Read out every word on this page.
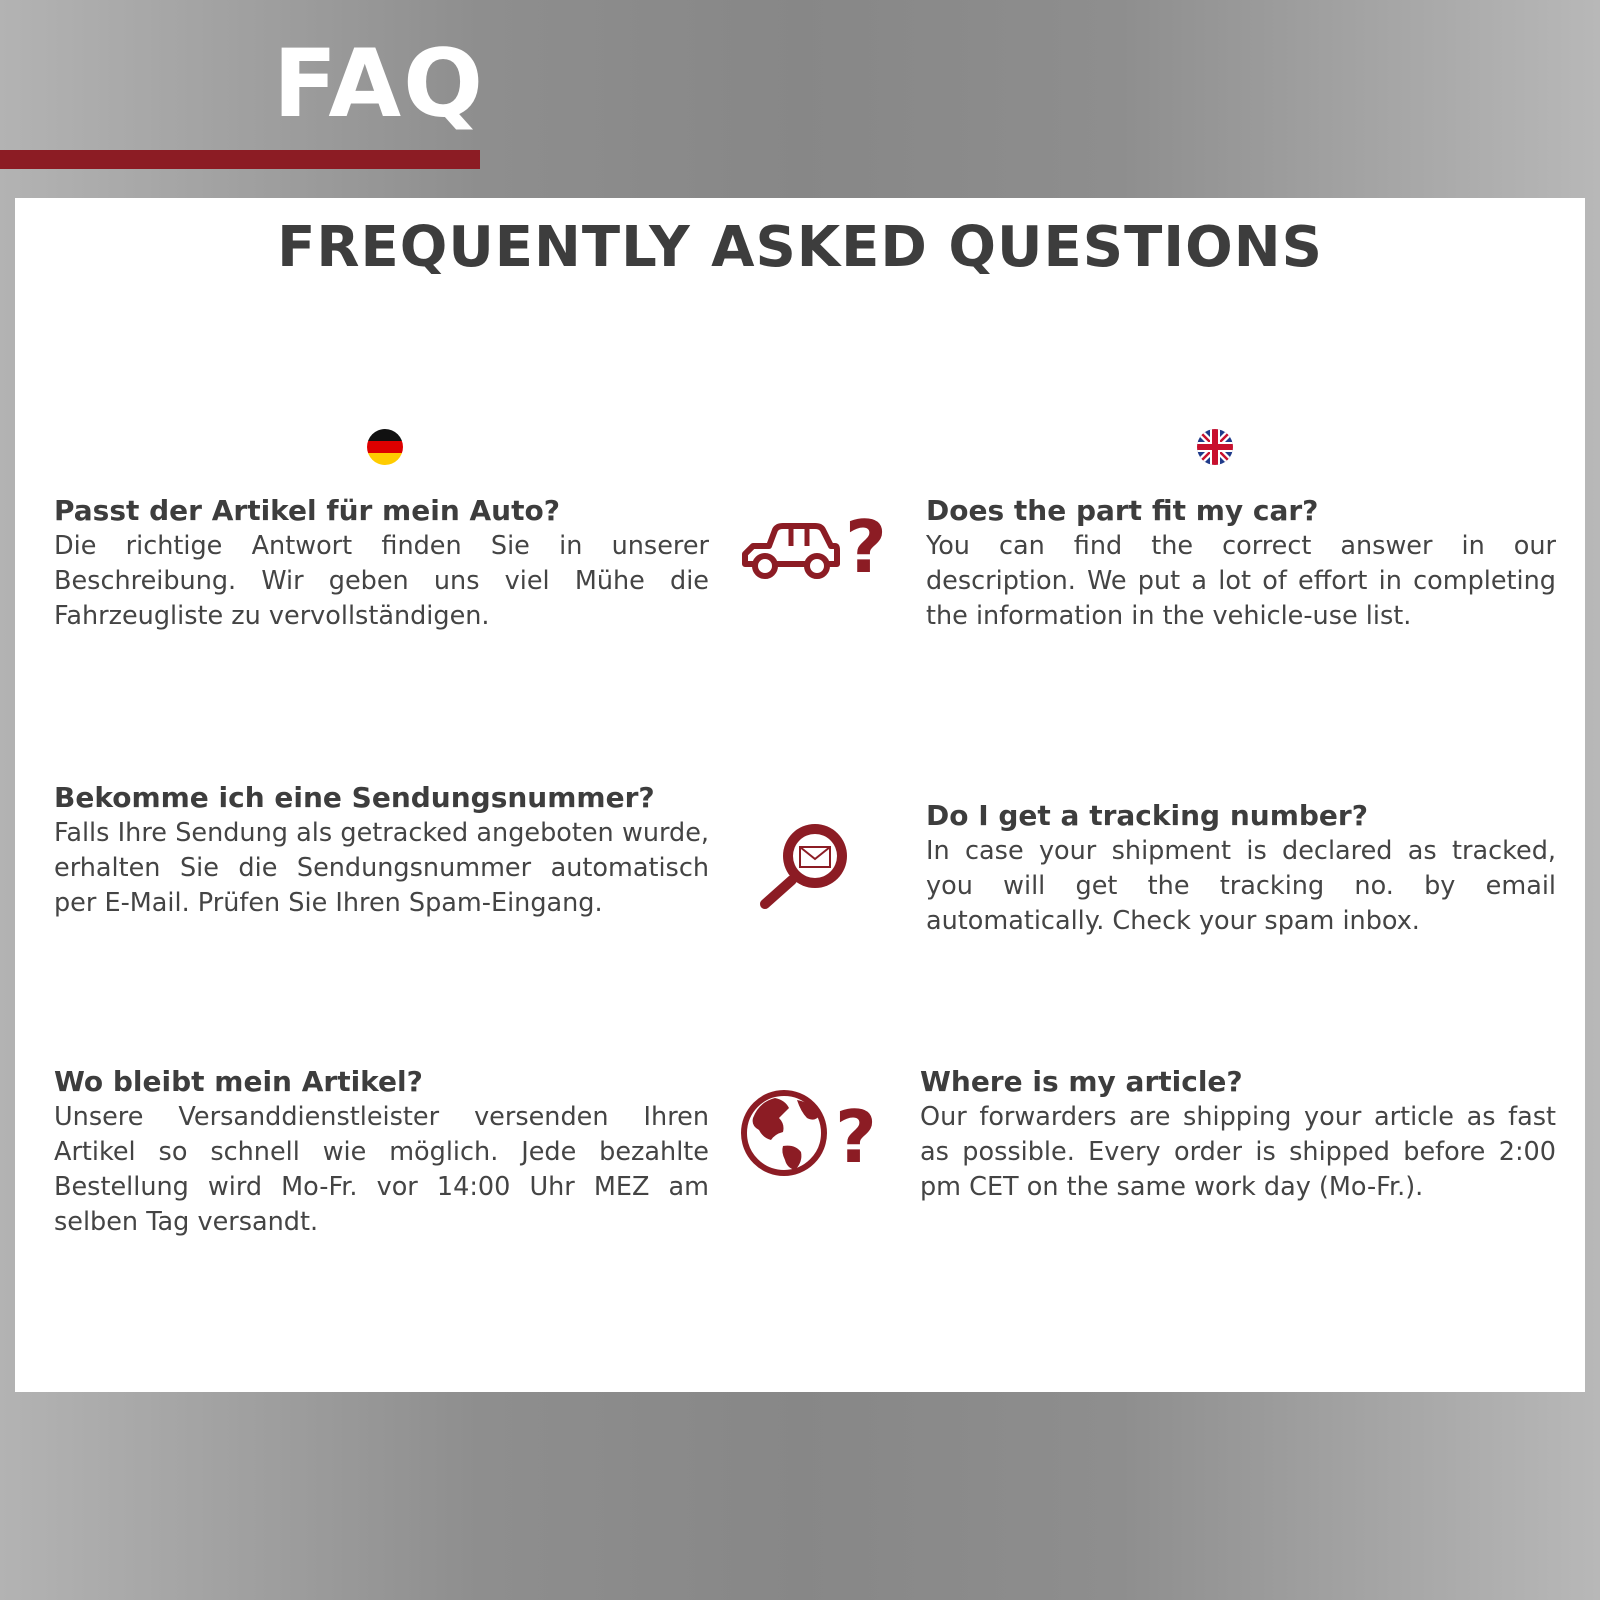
FAQ
FREQUENTLY ASKED QUESTIONS
Passt der Artikel für mein Auto?
Die richtige Antwort finden Sie in unserer Beschreibung. Wir geben uns viel Mühe die Fahrzeugliste zu vervollständigen.
? Does the part fit my car?
You can find the correct answer in our description. We put a lot of effort in completing the information in the vehicle-use list.
Bekomme ich eine Sendungsnummer?
Falls Ihre Sendung als getracked angeboten wurde, erhalten Sie die Sendungsnummer automatisch per E-Mail. Prüfen Sie Ihren Spam-Eingang.
Do I get a tracking number?
In case your shipment is declared as tracked, you will get the tracking no. by email automatically. Check your spam inbox.
Wo bleibt mein Artikel?
Unsere Versanddienstleister versenden Ihren Artikel so schnell wie möglich. Jede bezahlte Bestellung wird Mo-Fr. vor 14:00 Uhr MEZ am selben Tag versandt.
?
Where is my article?
Our forwarders are shipping your article as fast as possible. Every order is shipped before 2:00 pm CET on the same work day (Mo-Fr.).
